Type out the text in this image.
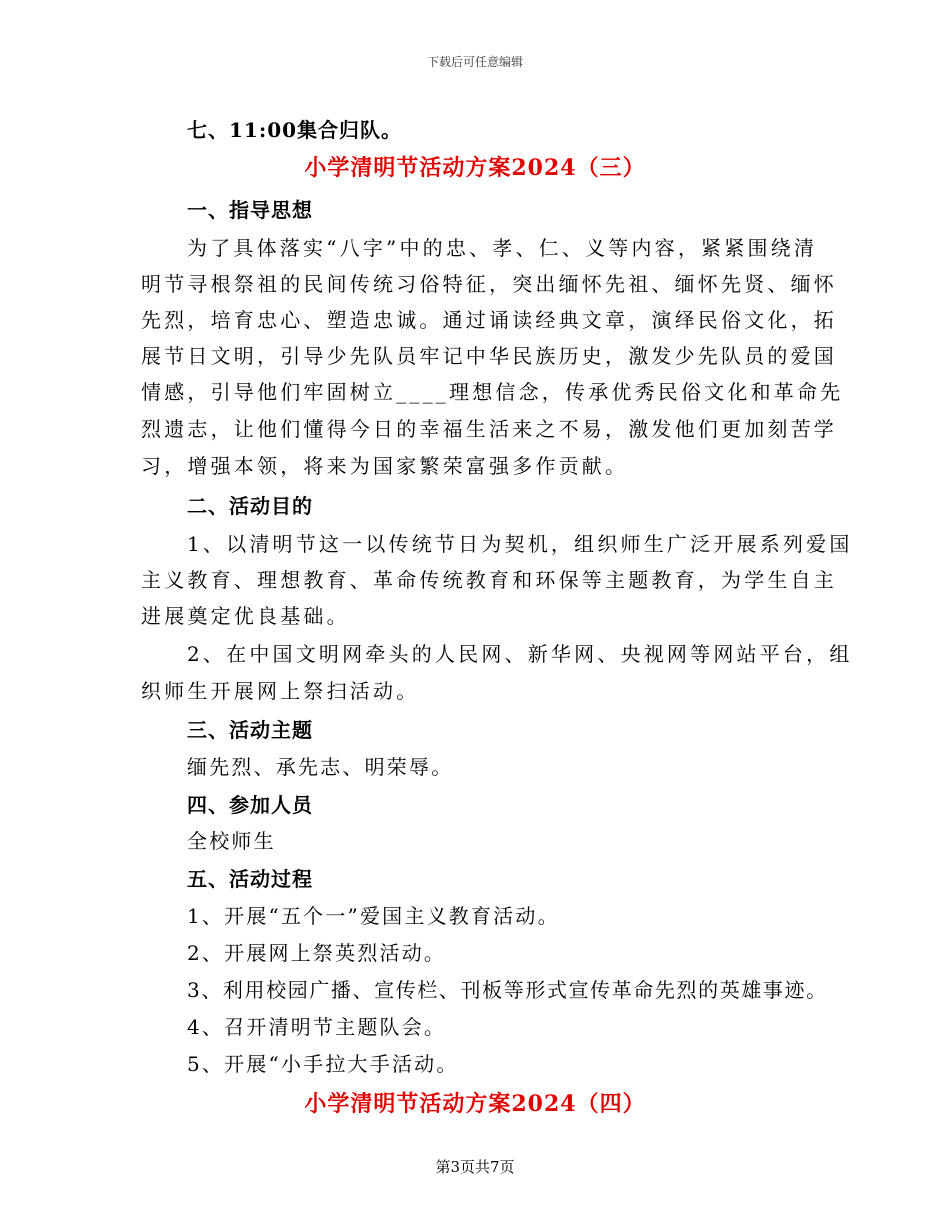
下载后可任意编辑
七、11:00集合归队。
小学清明节活动方案2024（三）
一、指导思想
为了具体落实“八字”中的忠、孝、仁、义等内容，紧紧围绕清
明节寻根祭祖的民间传统习俗特征，突出缅怀先祖、缅怀先贤、缅怀
先烈，培育忠心、塑造忠诚。通过诵读经典文章，演绎民俗文化，拓
展节日文明，引导少先队员牢记中华民族历史，激发少先队员的爱国
情感，引导他们牢固树立____理想信念，传承优秀民俗文化和革命先
烈遗志，让他们懂得今日的幸福生活来之不易，激发他们更加刻苦学
习，增强本领，将来为国家繁荣富强多作贡献。
二、活动目的
1、以清明节这一以传统节日为契机，组织师生广泛开展系列爱国
主义教育、理想教育、革命传统教育和环保等主题教育，为学生自主
进展奠定优良基础。
2、在中国文明网牵头的人民网、新华网、央视网等网站平台，组
织师生开展网上祭扫活动。
三、活动主题
缅先烈、承先志、明荣辱。
四、参加人员
全校师生
五、活动过程
1、开展“五个一”爱国主义教育活动。
2、开展网上祭英烈活动。
3、利用校园广播、宣传栏、刊板等形式宣传革命先烈的英雄事迹。
4、召开清明节主题队会。
5、开展“小手拉大手活动。
小学清明节活动方案2024（四）
第3页共7页
